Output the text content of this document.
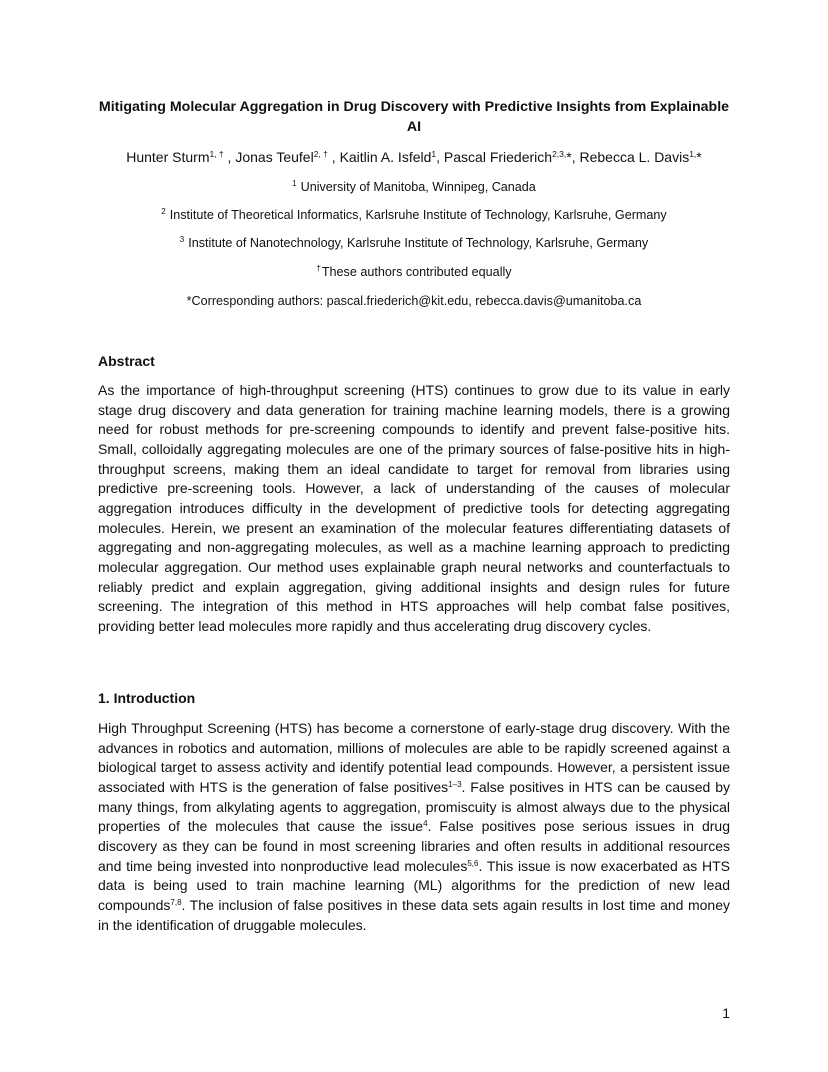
Mitigating Molecular Aggregation in Drug Discovery with Predictive Insights from Explainable AI
Hunter Sturm$^{1, \dagger}$ , Jonas Teufel$^{2, \dagger}$ , Kaitlin A. Isfeld$^1$, Pascal Friederich$^{2,3,}$*, Rebecca L. Davis$^{1,}$*
$^1$ University of Manitoba, Winnipeg, Canada
$^2$ Institute of Theoretical Informatics, Karlsruhe Institute of Technology, Karlsruhe, Germany
$^3$ Institute of Nanotechnology, Karlsruhe Institute of Technology, Karlsruhe, Germany
†These authors contributed equally
*Corresponding authors: pascal.friederich@kit.edu, rebecca.davis@umanitoba.ca
Abstract
As the importance of high-throughput screening (HTS) continues to grow due to its value in early stage drug discovery and data generation for training machine learning models, there is a growing need for robust methods for pre-screening compounds to identify and prevent false-positive hits. Small, colloidally aggregating molecules are one of the primary sources of false-positive hits in high-throughput screens, making them an ideal candidate to target for removal from libraries using predictive pre-screening tools. However, a lack of understanding of the causes of molecular aggregation introduces difficulty in the development of predictive tools for detecting aggregating molecules. Herein, we present an examination of the molecular features differentiating datasets of aggregating and non-aggregating molecules, as well as a machine learning approach to predicting molecular aggregation. Our method uses explainable graph neural networks and counterfactuals to reliably predict and explain aggregation, giving additional insights and design rules for future screening. The integration of this method in HTS approaches will help combat false positives, providing better lead molecules more rapidly and thus accelerating drug discovery cycles.
1. Introduction
High Throughput Screening (HTS) has become a cornerstone of early-stage drug discovery. With the advances in robotics and automation, millions of molecules are able to be rapidly screened against a biological target to assess activity and identify potential lead compounds. However, a persistent issue associated with HTS is the generation of false positives$^{1-3}$. False positives in HTS can be caused by many things, from alkylating agents to aggregation, promiscuity is almost always due to the physical properties of the molecules that cause the issue$^4$. False positives pose serious issues in drug discovery as they can be found in most screening libraries and often results in additional resources and time being invested into nonproductive lead molecules$^{5,6}$. This issue is now exacerbated as HTS data is being used to train machine learning (ML) algorithms for the prediction of new lead compounds$^{7,8}$. The inclusion of false positives in these data sets again results in lost time and money in the identification of druggable molecules.
1
